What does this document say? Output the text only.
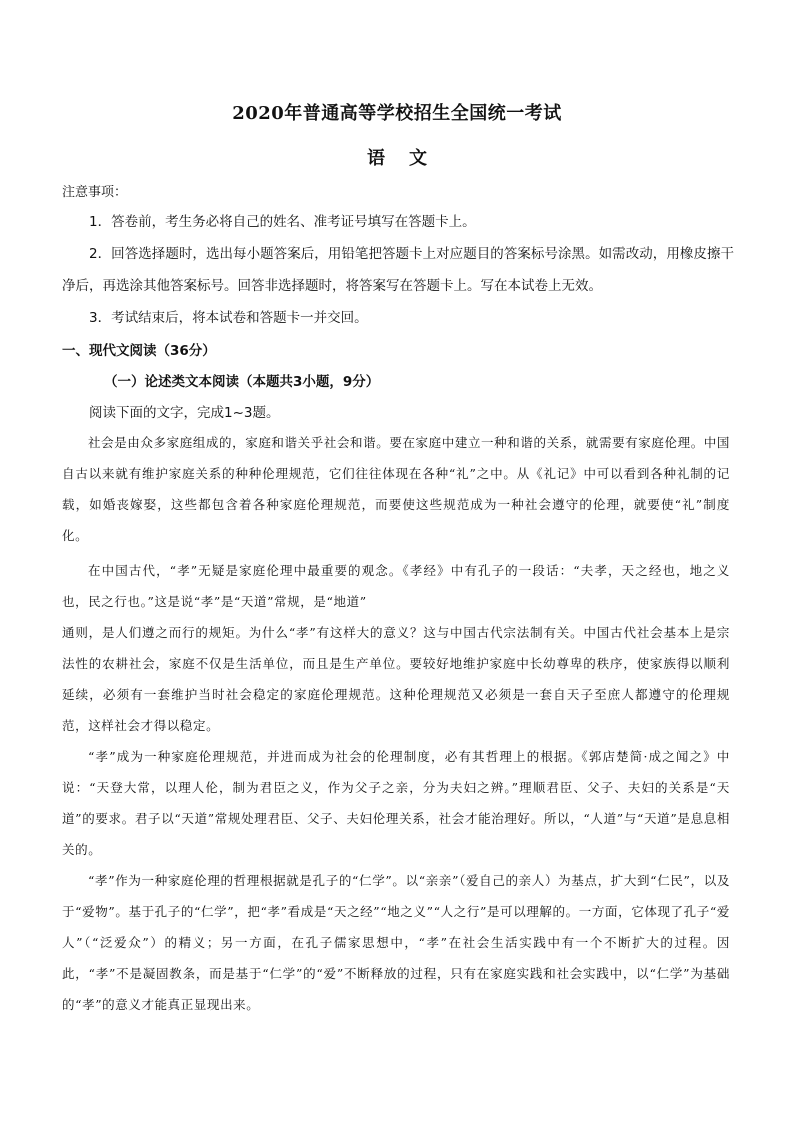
2020年普通高等学校招生全国统一考试
语文
注意事项：
1．答卷前，考生务必将自己的姓名、准考证号填写在答题卡上。
2．回答选择题时，选出每小题答案后，用铅笔把答题卡上对应题目的答案标号涂黑。如需改动，用橡皮擦干净后，再选涂其他答案标号。回答非选择题时，将答案写在答题卡上。写在本试卷上无效。
3．考试结束后，将本试卷和答题卡一并交回。
一、现代文阅读（36分）
（一）论述类文本阅读（本题共3小题，9分）
阅读下面的文字，完成1~3题。
社会是由众多家庭组成的，家庭和谐关乎社会和谐。要在家庭中建立一种和谐的关系，就需要有家庭伦理。中国自古以来就有维护家庭关系的种种伦理规范，它们往往体现在各种“礼”之中。从《礼记》中可以看到各种礼制的记载，如婚丧嫁娶，这些都包含着各种家庭伦理规范，而要使这些规范成为一种社会遵守的伦理，就要使“礼”制度化。
在中国古代，“孝”无疑是家庭伦理中最重要的观念。《孝经》中有孔子的一段话：“夫孝，天之经也，地之义也，民之行也。”这是说“孝”是“天道”常规，是“地道”
通则，是人们遵之而行的规矩。为什么“孝”有这样大的意义？这与中国古代宗法制有关。中国古代社会基本上是宗法性的农耕社会，家庭不仅是生活单位，而且是生产单位。要较好地维护家庭中长幼尊卑的秩序，使家族得以顺利延续，必须有一套维护当时社会稳定的家庭伦理规范。这种伦理规范又必须是一套自天子至庶人都遵守的伦理规范，这样社会才得以稳定。
“孝”成为一种家庭伦理规范，并进而成为社会的伦理制度，必有其哲理上的根据。《郭店楚简·成之闻之》中说：“天登大常，以理人伦，制为君臣之义，作为父子之亲，分为夫妇之辨。”理顺君臣、父子、夫妇的关系是“天道”的要求。君子以“天道”常规处理君臣、父子、夫妇伦理关系，社会才能治理好。所以，“人道”与“天道”是息息相关的。
“孝”作为一种家庭伦理的哲理根据就是孔子的“仁学”。以“亲亲”（爱自己的亲人）为基点，扩大到“仁民”，以及于“爱物”。基于孔子的“仁学”，把“孝”看成是“天之经”“地之义”“人之行”是可以理解的。一方面，它体现了孔子“爱人”（“泛爱众”）的精义；另一方面，在孔子儒家思想中，“孝”在社会生活实践中有一个不断扩大的过程。因此，“孝”不是凝固教条，而是基于“仁学”的“爱”不断释放的过程，只有在家庭实践和社会实践中，以“仁学”为基础的“孝”的意义才能真正显现出来。
